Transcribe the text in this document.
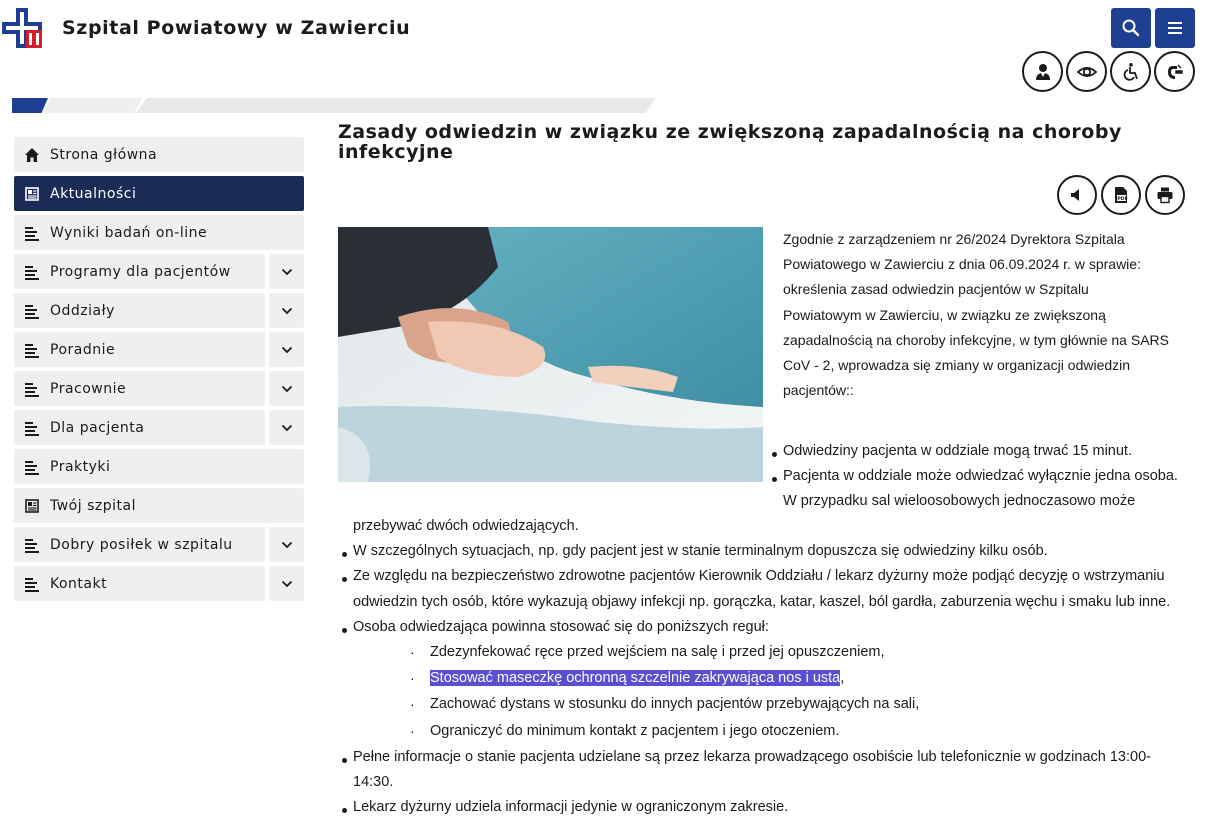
Szpital Powiatowy w Zawierciu
Strona główna
Aktualności
Wyniki badań on-line
Programy dla pacjentów
Oddziały
Poradnie
Pracownie
Dla pacjenta
Praktyki
Twój szpital
Dobry posiłek w szpitalu
Kontakt
Zasady odwiedzin w związku ze zwiększoną zapadalnością na choroby
infekcyjne
PDF
Zgodnie z zarządzeniem nr 26/2024 Dyrektora Szpitala
Powiatowego w Zawierciu z dnia 06.09.2024 r. w sprawie:
określenia zasad odwiedzin pacjentów w Szpitalu
Powiatowym w Zawierciu, w związku ze zwiększoną
zapadalnością na choroby infekcyjne, w tym głównie na SARS
CoV - 2, wprowadza się zmiany w organizacji odwiedzin
pacjentów::
Odwiedziny pacjenta w oddziale mogą trwać 15 minut.
Pacjenta w oddziale może odwiedzać wyłącznie jedna osoba.
W przypadku sal wieloosobowych jednoczasowo może
przebywać dwóch odwiedzających.
W szczególnych sytuacjach, np. gdy pacjent jest w stanie terminalnym dopuszcza się odwiedziny kilku osób.
Ze względu na bezpieczeństwo zdrowotne pacjentów Kierownik Oddziału / lekarz dyżurny może podjąć decyzję o wstrzymaniu
odwiedzin tych osób, które wykazują objawy infekcji np. gorączka, katar, kaszel, ból gardła, zaburzenia węchu i smaku lub inne.
Osoba odwiedzająca powinna stosować się do poniższych reguł:
· Zdezynfekować ręce przed wejściem na salę i przed jej opuszczeniem,
· Stosować maseczkę ochronną szczelnie zakrywająca nos i usta,
· Zachować dystans w stosunku do innych pacjentów przebywających na sali,
· Ograniczyć do minimum kontakt z pacjentem i jego otoczeniem.
Pełne informacje o stanie pacjenta udzielane są przez lekarza prowadzącego osobiście lub telefonicznie w godzinach 13:00-
14:30.
Lekarz dyżurny udziela informacji jedynie w ograniczonym zakresie.
